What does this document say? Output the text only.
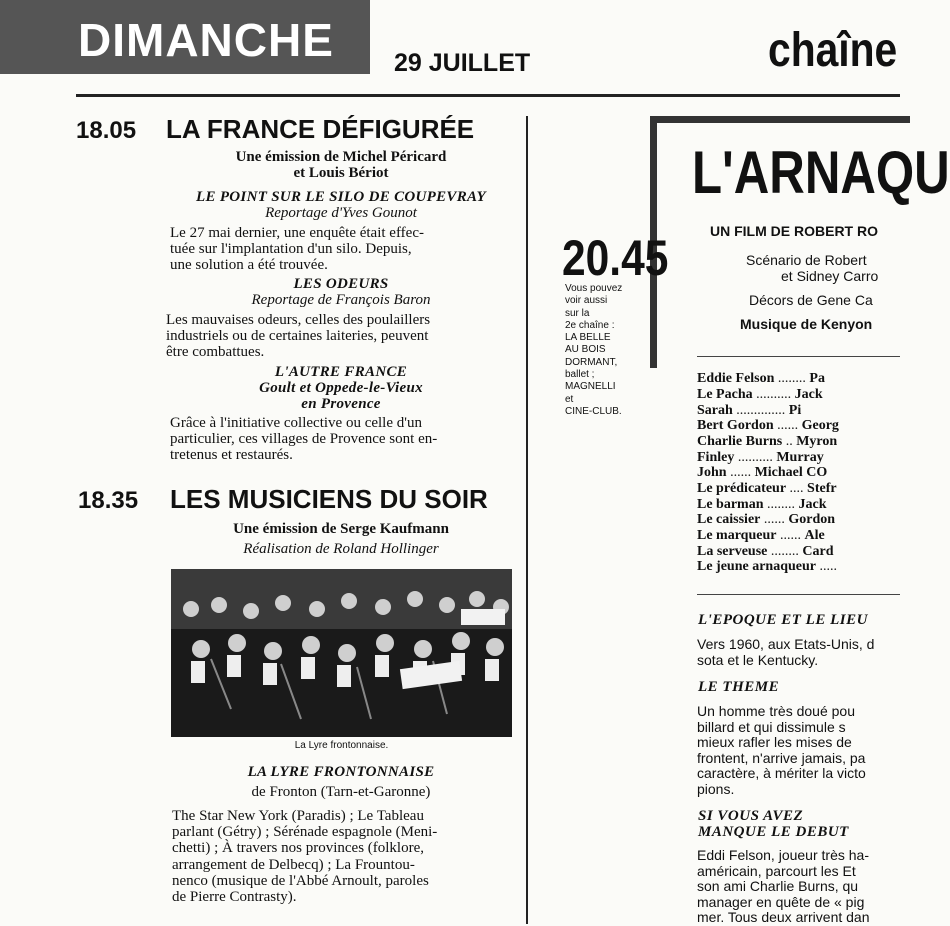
DIMANCHE 29 JUILLET	chaîne
18.05 LA FRANCE DÉFIGURÉE
Une émission de Michel Péricard
et Louis Bériot
LE POINT SUR LE SILO DE COUPEVRAY
Reportage d'Yves Gounot
Le 27 mai dernier, une enquête était effec-
tuée sur l'implantation d'un silo. Depuis,
une solution a été trouvée.
LES ODEURS
Reportage de François Baron
Les mauvaises odeurs, celles des poulaillers
industriels ou de certaines laiteries, peuvent
être combattues.
L'AUTRE FRANCE
Goult et Oppede-le-Vieux
en Provence
Grâce à l'initiative collective ou celle d'un
particulier, ces villages de Provence sont en-
tretenus et restaurés.
18.35 LES MUSICIENS DU SOIR
Une émission de Serge Kaufmann
Réalisation de Roland Hollinger
La Lyre frontonnaise.
LA LYRE FRONTONNAISE
de Fronton (Tarn-et-Garonne)
The Star New York (Paradis) ; Le Tableau
parlant (Gétry) ; Sérénade espagnole (Meni-
chetti) ; À travers nos provinces (folklore,
arrangement de Delbecq) ; La Frountou-
nenco (musique de l'Abbé Arnoult, paroles
de Pierre Contrasty).
L'ARNAQU
20.45
Vous pouvez
voir aussi
sur la
2e chaîne :
LA BELLE
AU BOIS
DORMANT,
ballet ;
MAGNELLI
et
CINE-CLUB.
UN FILM DE ROBERT RO
Scénario de Robert
et Sidney Carro
Décors de Gene Ca
Musique de Kenyon
Eddie Felson ........ Pa
Le Pacha .......... Jack
Sarah .............. Pi
Bert Gordon ...... Georg
Charlie Burns .. Myron
Finley .......... Murray
John ...... Michael CO
Le prédicateur .... Stefr
Le barman ........ Jack
Le caissier ...... Gordon
Le marqueur ...... Ale
La serveuse ........ Card
Le jeune arnaqueur .....
L'EPOQUE ET LE LIEU
Vers 1960, aux Etats-Unis, d
sota et le Kentucky.
LE THEME
Un homme très doué pou
billard et qui dissimule s
mieux rafler les mises de
frontent, n'arrive jamais, pa
caractère, à mériter la victo
pions.
SI VOUS AVEZ
MANQUE LE DEBUT
Eddi Felson, joueur très ha-
américain, parcourt les Et
son ami Charlie Burns, qu
manager en quête de « pig
mer. Tous deux arrivent dan
